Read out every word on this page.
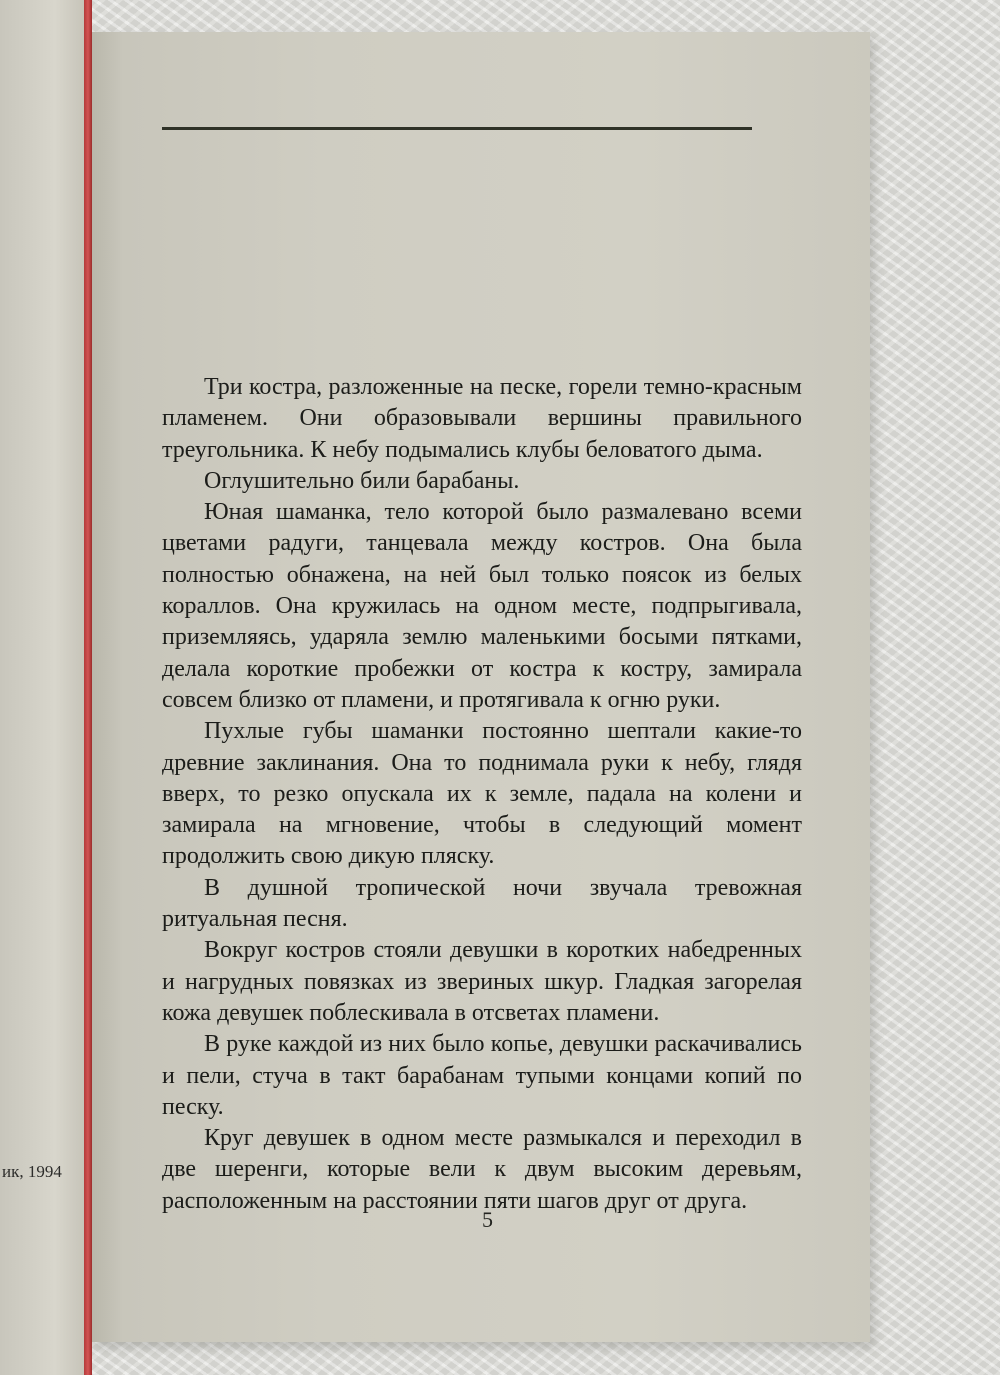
ик, 1994

Три костра, разложенные на песке, горели темно-красным пламенем. Они образовывали вершины правильного треугольника. К небу подымались клубы беловатого дыма.

Оглушительно били барабаны.

Юная шаманка, тело которой было размалевано всеми цветами радуги, танцевала между костров. Она была полностью обнажена, на ней был только поясок из белых кораллов. Она кружилась на одном месте, подпрыгивала, приземляясь, ударяла землю маленькими босыми пятками, делала короткие пробежки от костра к костру, замирала совсем близко от пламени, и протягивала к огню руки.

Пухлые губы шаманки постоянно шептали какие-то древние заклинания. Она то поднимала руки к небу, глядя вверх, то резко опускала их к земле, падала на колени и замирала на мгновение, чтобы в следующий момент продолжить свою дикую пляску.

В душной тропической ночи звучала тревожная ритуальная песня.

Вокруг костров стояли девушки в коротких набедренных и нагрудных повязках из звериных шкур. Гладкая загорелая кожа девушек поблескивала в отсветах пламени.

В руке каждой из них было копье, девушки раскачивались и пели, стуча в такт барабанам тупыми концами копий по песку.

Круг девушек в одном месте размыкался и переходил в две шеренги, которые вели к двум высоким деревьям, расположенным на расстоянии пяти шагов друг от друга.

5
